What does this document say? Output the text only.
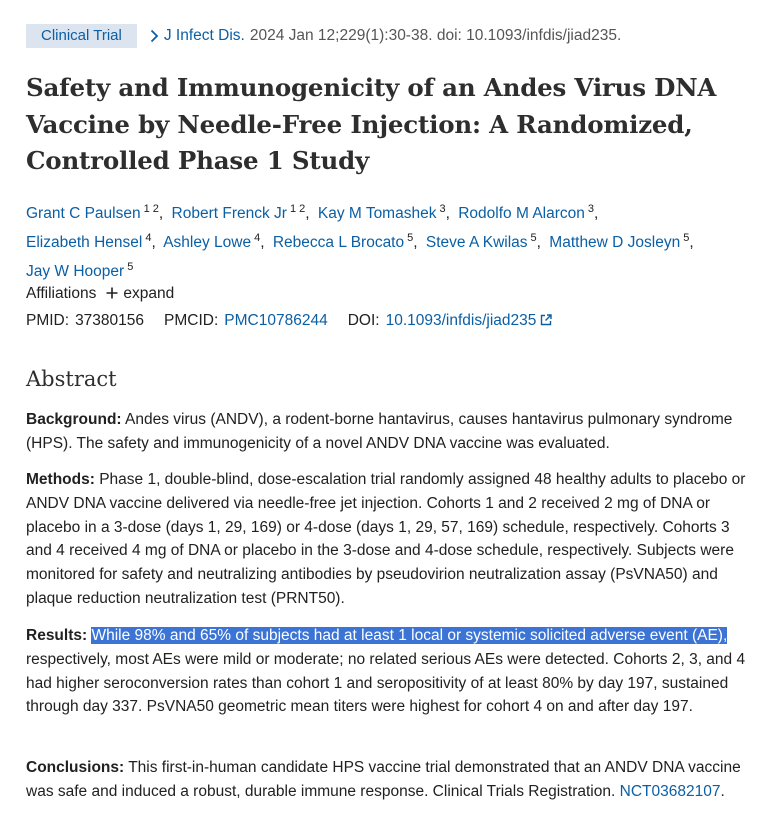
Clinical Trial	J Infect Dis. 2024 Jan 12;229(1):30-38. doi: 10.1093/infdis/jiad235.
Safety and Immunogenicity of an Andes Virus DNA Vaccine by Needle-Free Injection: A Randomized, Controlled Phase 1 Study
Grant C Paulsen $^{1 2}$, Robert Frenck Jr $^{1 2}$, Kay M Tomashek $^3$, Rodolfo M Alarcon $^3$,
Elizabeth Hensel $^4$, Ashley Lowe $^4$, Rebecca L Brocato $^5$, Steve A Kwilas $^5$, Matthew D Josleyn $^5$,
Jay W Hooper $^5$
Affiliations expand
PMID: 37380156 PMCID: PMC10786244 DOI: 10.1093/infdis/jiad235
Abstract
Background: Andes virus (ANDV), a rodent-borne hantavirus, causes hantavirus pulmonary syndrome (HPS). The safety and immunogenicity of a novel ANDV DNA vaccine was evaluated.
Methods: Phase 1, double-blind, dose-escalation trial randomly assigned 48 healthy adults to placebo or ANDV DNA vaccine delivered via needle-free jet injection. Cohorts 1 and 2 received 2 mg of DNA or placebo in a 3-dose (days 1, 29, 169) or 4-dose (days 1, 29, 57, 169) schedule, respectively. Cohorts 3 and 4 received 4 mg of DNA or placebo in the 3-dose and 4-dose schedule, respectively. Subjects were monitored for safety and neutralizing antibodies by pseudovirion neutralization assay (PsVNA50) and plaque reduction neutralization test (PRNT50).
Results: While 98% and 65% of subjects had at least 1 local or systemic solicited adverse event (AE), respectively, most AEs were mild or moderate; no related serious AEs were detected. Cohorts 2, 3, and 4 had higher seroconversion rates than cohort 1 and seropositivity of at least 80% by day 197, sustained through day 337. PsVNA50 geometric mean titers were highest for cohort 4 on and after day 197.
Conclusions: This first-in-human candidate HPS vaccine trial demonstrated that an ANDV DNA vaccine was safe and induced a robust, durable immune response. Clinical Trials Registration. NCT03682107.
